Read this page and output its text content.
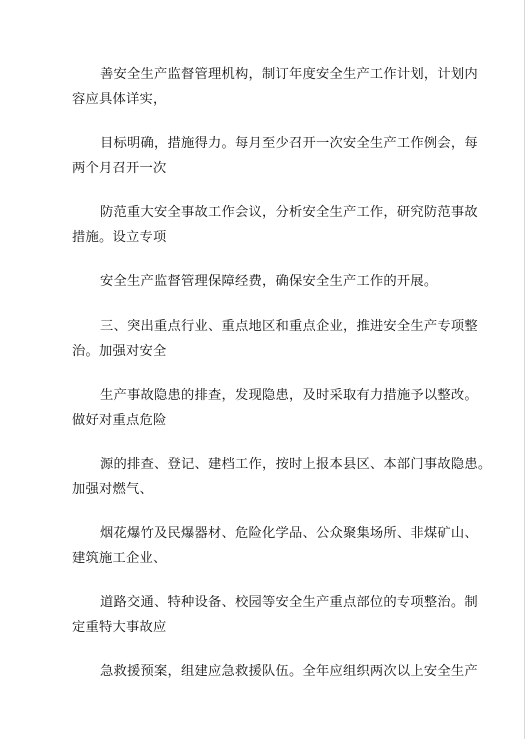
善安全生产监督管理机构，制订年度安全生产工作计划，计划内
容应具体详实，
目标明确，措施得力。每月至少召开一次安全生产工作例会，每
两个月召开一次
防范重大安全事故工作会议，分析安全生产工作，研究防范事故
措施。设立专项
安全生产监督管理保障经费，确保安全生产工作的开展。
三、突出重点行业、重点地区和重点企业，推进安全生产专项整
治。加强对安全
生产事故隐患的排查，发现隐患，及时采取有力措施予以整改。
做好对重点危险
源的排查、登记、建档工作，按时上报本县区、本部门事故隐患。
加强对燃气、
烟花爆竹及民爆器材、危险化学品、公众聚集场所、非煤矿山、
建筑施工企业、
道路交通、特种设备、校园等安全生产重点部位的专项整治。制
定重特大事故应
急救援预案，组建应急救援队伍。全年应组织两次以上安全生产
